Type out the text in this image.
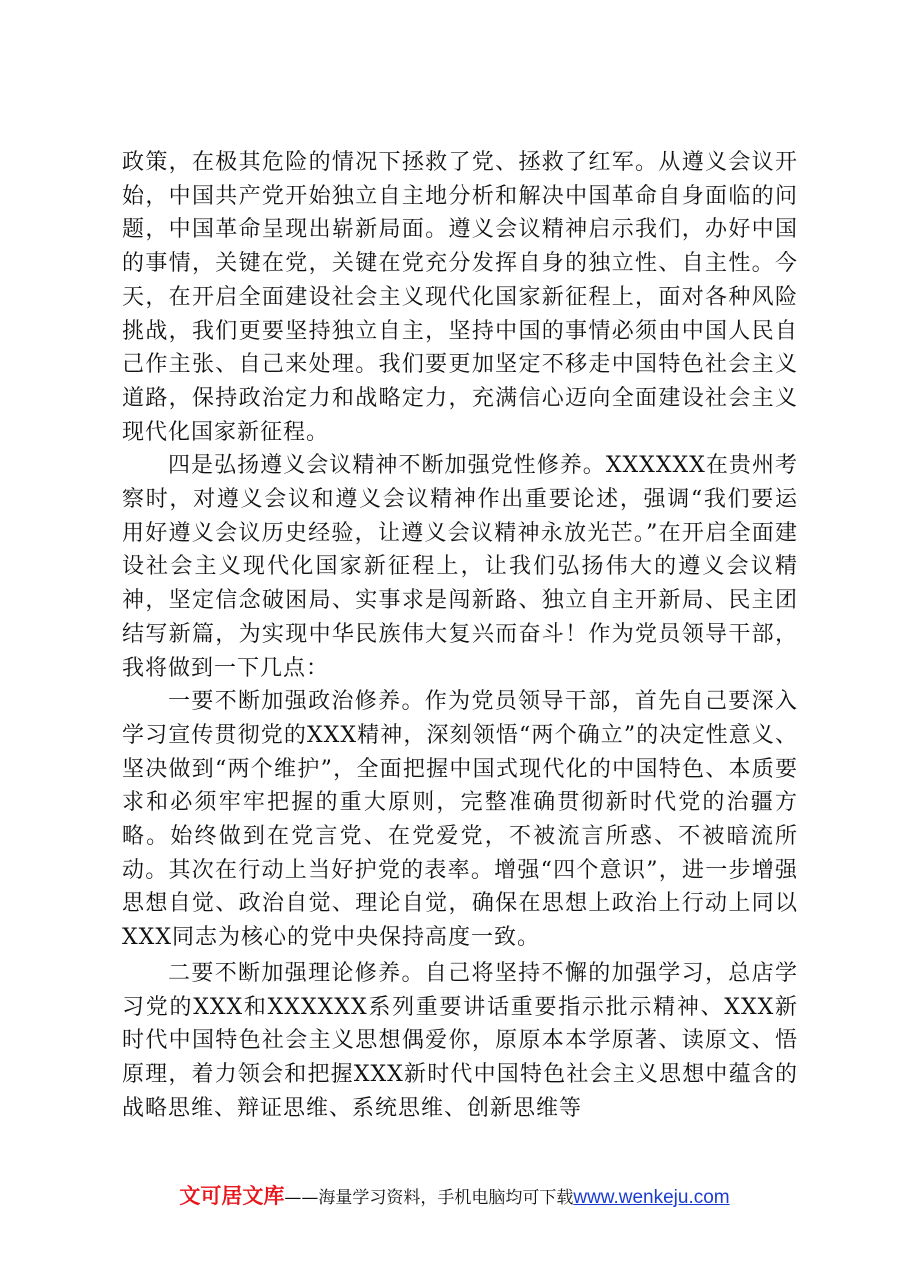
政策，在极其危险的情况下拯救了党、拯救了红军。从遵义会议开始，中国共产党开始独立自主地分析和解决中国革命自身面临的问题，中国革命呈现出崭新局面。遵义会议精神启示我们，办好中国的事情，关键在党，关键在党充分发挥自身的独立性、自主性。今天，在开启全面建设社会主义现代化国家新征程上，面对各种风险挑战，我们更要坚持独立自主，坚持中国的事情必须由中国人民自己作主张、自己来处理。我们要更加坚定不移走中国特色社会主义道路，保持政治定力和战略定力，充满信心迈向全面建设社会主义现代化国家新征程。

四是弘扬遵义会议精神不断加强党性修养。XXXXXX在贵州考察时，对遵义会议和遵义会议精神作出重要论述，强调“我们要运用好遵义会议历史经验，让遵义会议精神永放光芒。”在开启全面建设社会主义现代化国家新征程上，让我们弘扬伟大的遵义会议精神，坚定信念破困局、实事求是闯新路、独立自主开新局、民主团结写新篇，为实现中华民族伟大复兴而奋斗！作为党员领导干部，我将做到一下几点：

一要不断加强政治修养。作为党员领导干部，首先自己要深入学习宣传贯彻党的XXX精神，深刻领悟“两个确立”的决定性意义、坚决做到“两个维护”，全面把握中国式现代化的中国特色、本质要求和必须牢牢把握的重大原则，完整准确贯彻新时代党的治疆方略。始终做到在党言党、在党爱党，不被流言所惑、不被暗流所动。其次在行动上当好护党的表率。增强“四个意识”，进一步增强思想自觉、政治自觉、理论自觉，确保在思想上政治上行动上同以XXX同志为核心的党中央保持高度一致。

二要不断加强理论修养。自己将坚持不懈的加强学习，总店学习党的XXX和XXXXXX系列重要讲话重要指示批示精神、XXX新时代中国特色社会主义思想偶爱你，原原本本学原著、读原文、悟原理，着力领会和把握XXX新时代中国特色社会主义思想中蕴含的战略思维、辩证思维、系统思维、创新思维等

文可居文库——海量学习资料，手机电脑均可下载www.wenkeju.com
